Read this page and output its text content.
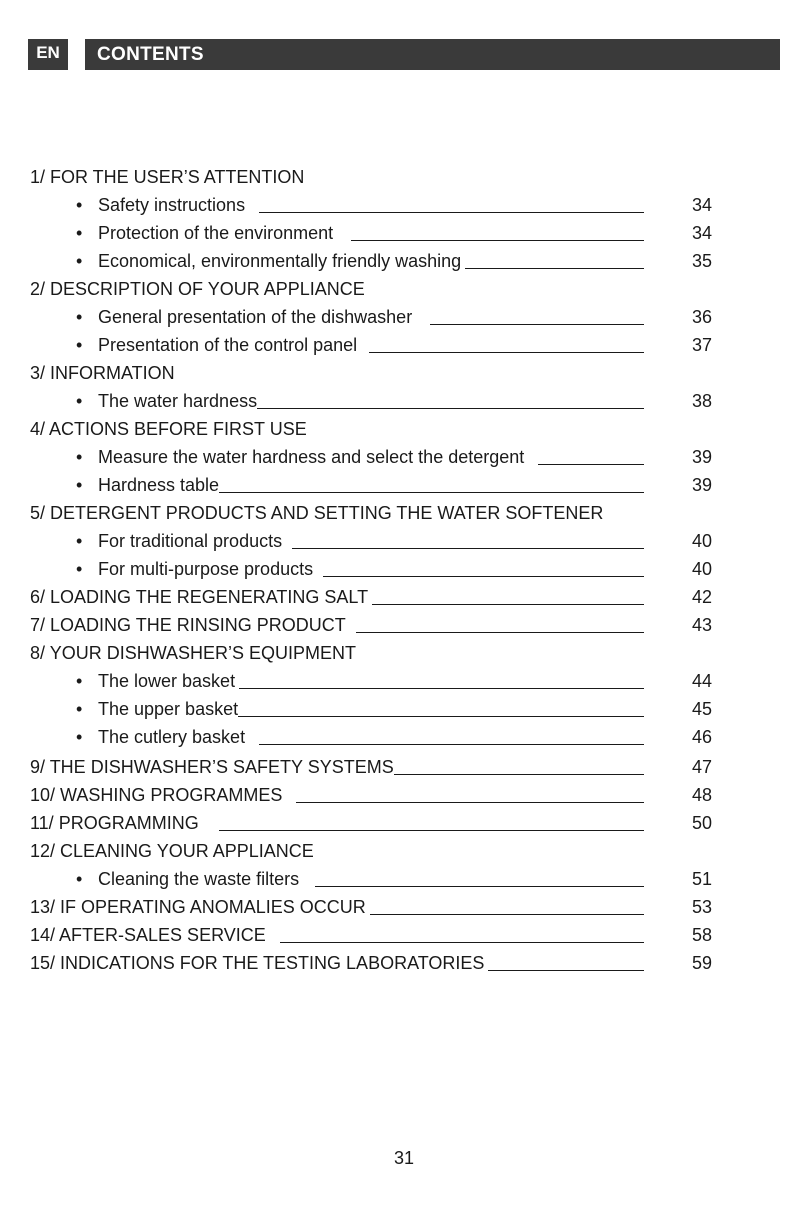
EN	CONTENTS
1/ FOR THE USER’S ATTENTION
• Safety instructions	34
• Protection of the environment	34
• Economical, environmentally friendly washing	35
2/ DESCRIPTION OF YOUR APPLIANCE
• General presentation of the dishwasher	36
• Presentation of the control panel	37
3/ INFORMATION
• The water hardness	38
4/ ACTIONS BEFORE FIRST USE
• Measure the water hardness and select the detergent	39
• Hardness table	39
5/ DETERGENT PRODUCTS AND SETTING THE WATER SOFTENER
• For traditional products	40
• For multi-purpose products	40
6/ LOADING THE REGENERATING SALT	42
7/ LOADING THE RINSING PRODUCT	43
8/ YOUR DISHWASHER’S EQUIPMENT
• The lower basket	44
• The upper basket	45
• The cutlery basket	46
9/ THE DISHWASHER’S SAFETY SYSTEMS	47
10/ WASHING PROGRAMMES	48
11/ PROGRAMMING	50
12/ CLEANING YOUR APPLIANCE
• Cleaning the waste filters	51
13/ IF OPERATING ANOMALIES OCCUR	53
14/ AFTER-SALES SERVICE	58
15/ INDICATIONS FOR THE TESTING LABORATORIES	59
31
